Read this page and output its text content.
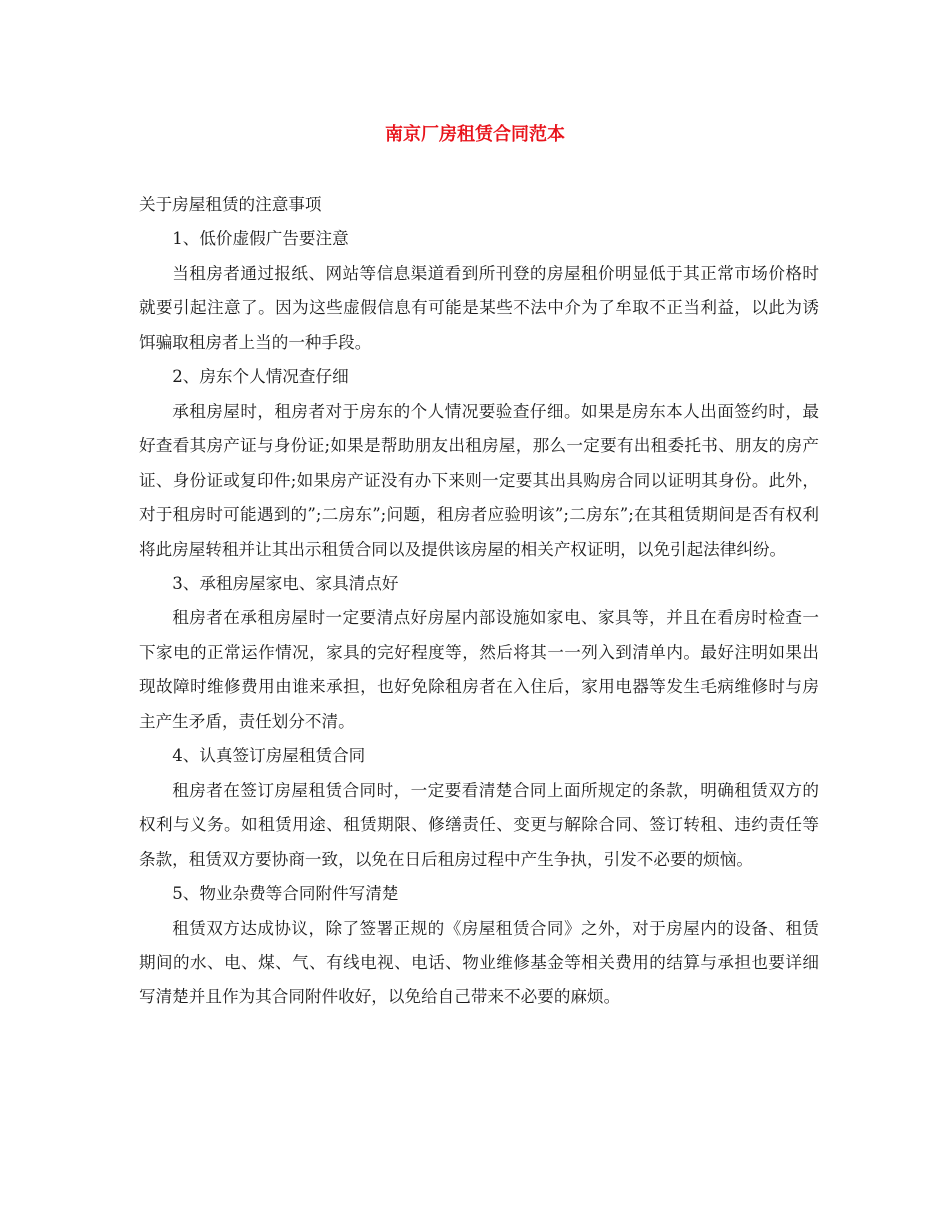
南京厂房租赁合同范本

关于房屋租赁的注意事项

1、低价虚假广告要注意

当租房者通过报纸、网站等信息渠道看到所刊登的房屋租价明显低于其正常市场价格时就要引起注意了。因为这些虚假信息有可能是某些不法中介为了牟取不正当利益，以此为诱饵骗取租房者上当的一种手段。

2、房东个人情况查仔细

承租房屋时，租房者对于房东的个人情况要验查仔细。如果是房东本人出面签约时，最好查看其房产证与身份证;如果是帮助朋友出租房屋，那么一定要有出租委托书、朋友的房产证、身份证或复印件;如果房产证没有办下来则一定要其出具购房合同以证明其身份。此外，对于租房时可能遇到的”;二房东”;问题，租房者应验明该”;二房东”;在其租赁期间是否有权利将此房屋转租并让其出示租赁合同以及提供该房屋的相关产权证明，以免引起法律纠纷。

3、承租房屋家电、家具清点好

租房者在承租房屋时一定要清点好房屋内部设施如家电、家具等，并且在看房时检查一下家电的正常运作情况，家具的完好程度等，然后将其一一列入到清单内。最好注明如果出现故障时维修费用由谁来承担，也好免除租房者在入住后，家用电器等发生毛病维修时与房主产生矛盾，责任划分不清。

4、认真签订房屋租赁合同

租房者在签订房屋租赁合同时，一定要看清楚合同上面所规定的条款，明确租赁双方的权利与义务。如租赁用途、租赁期限、修缮责任、变更与解除合同、签订转租、违约责任等条款，租赁双方要协商一致，以免在日后租房过程中产生争执，引发不必要的烦恼。

5、物业杂费等合同附件写清楚

租赁双方达成协议，除了签署正规的《房屋租赁合同》之外，对于房屋内的设备、租赁期间的水、电、煤、气、有线电视、电话、物业维修基金等相关费用的结算与承担也要详细写清楚并且作为其合同附件收好，以免给自己带来不必要的麻烦。
